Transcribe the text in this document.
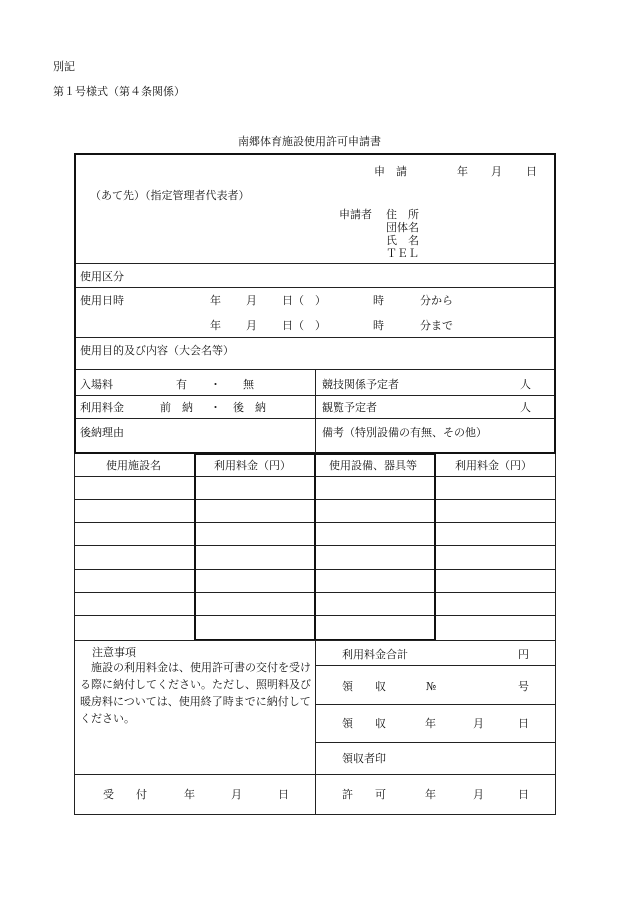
別記
第１号様式（第４条関係）
南郷体育施設使用許可申請書
申　請	年 月 日
（あて先）（指定管理者代表者）
申請者 住　所
団体名
氏　名
ＴＥＬ
使用区分
使用日時	年 月 日（　）	時	分から
年 月 日（　）	時	分まで
使用目的及び内容（大会名等）
入場料	有 ・ 無	競技関係予定者	人
利用料金	前　納 ・ 後　納	観覧予定者	人
後納理由	備考（特別設備の有無、その他）
使用施設名	利用料金（円）	使用設備、器具等	利用料金（円）
注意事項
　施設の利用料金は、使用許可書の交付を受ける際に納付してください。ただし、照明料及び暖房料については、使用終了時までに納付してください。
利用料金合計	円
領　　収	№	号
領　　収	年	月	日
領収者印
受　　付	年	月	日	許　　可	年	月	日
